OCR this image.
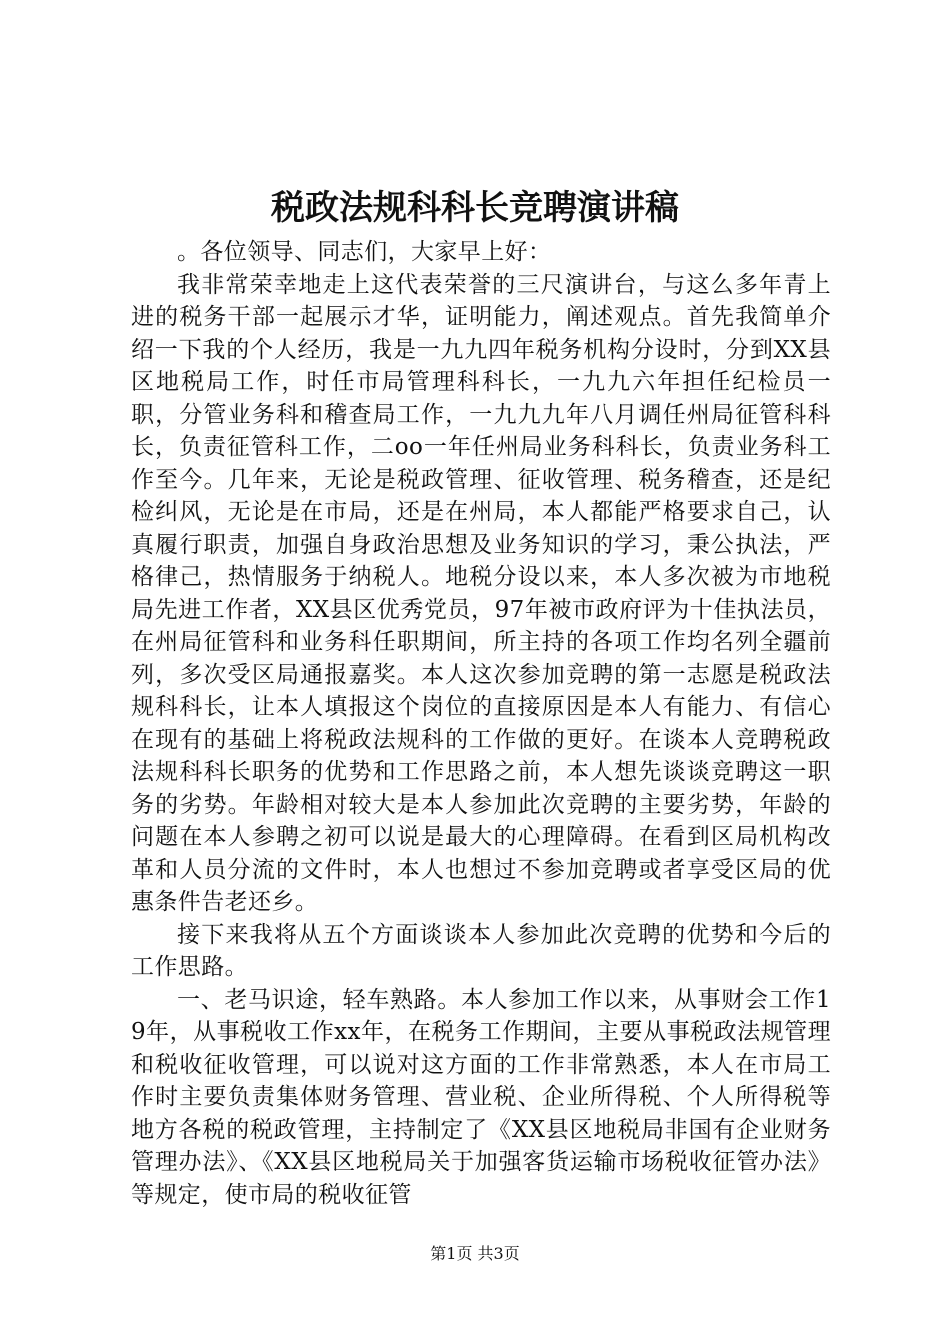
税政法规科科长竞聘演讲稿

。各位领导、同志们，大家早上好：

我非常荣幸地走上这代表荣誉的三尺演讲台，与这么多年青上进的税务干部一起展示才华，证明能力，阐述观点。首先我简单介绍一下我的个人经历，我是一九九四年税务机构分设时，分到XX县区地税局工作，时任市局管理科科长，一九九六年担任纪检员一职，分管业务科和稽查局工作，一九九九年八月调任州局征管科科长，负责征管科工作，二oo一年任州局业务科科长，负责业务科工作至今。几年来，无论是税政管理、征收管理、税务稽查，还是纪检纠风，无论是在市局，还是在州局，本人都能严格要求自己，认真履行职责，加强自身政治思想及业务知识的学习，秉公执法，严格律己，热情服务于纳税人。地税分设以来，本人多次被为市地税局先进工作者，XX县区优秀党员，97年被市政府评为十佳执法员，在州局征管科和业务科任职期间，所主持的各项工作均名列全疆前列，多次受区局通报嘉奖。本人这次参加竞聘的第一志愿是税政法规科科长，让本人填报这个岗位的直接原因是本人有能力、有信心在现有的基础上将税政法规科的工作做的更好。在谈本人竞聘税政法规科科长职务的优势和工作思路之前，本人想先谈谈竞聘这一职务的劣势。年龄相对较大是本人参加此次竞聘的主要劣势，年龄的问题在本人参聘之初可以说是最大的心理障碍。在看到区局机构改革和人员分流的文件时，本人也想过不参加竞聘或者享受区局的优惠条件告老还乡。

接下来我将从五个方面谈谈本人参加此次竞聘的优势和今后的工作思路。

一、老马识途，轻车熟路。本人参加工作以来，从事财会工作19年，从事税收工作xx年，在税务工作期间，主要从事税政法规管理和税收征收管理，可以说对这方面的工作非常熟悉，本人在市局工作时主要负责集体财务管理、营业税、企业所得税、个人所得税等地方各税的税政管理，主持制定了《XX县区地税局非国有企业财务管理办法》、《XX县区地税局关于加强客货运输市场税收征管办法》等规定，使市局的税收征管

第1页 共3页
